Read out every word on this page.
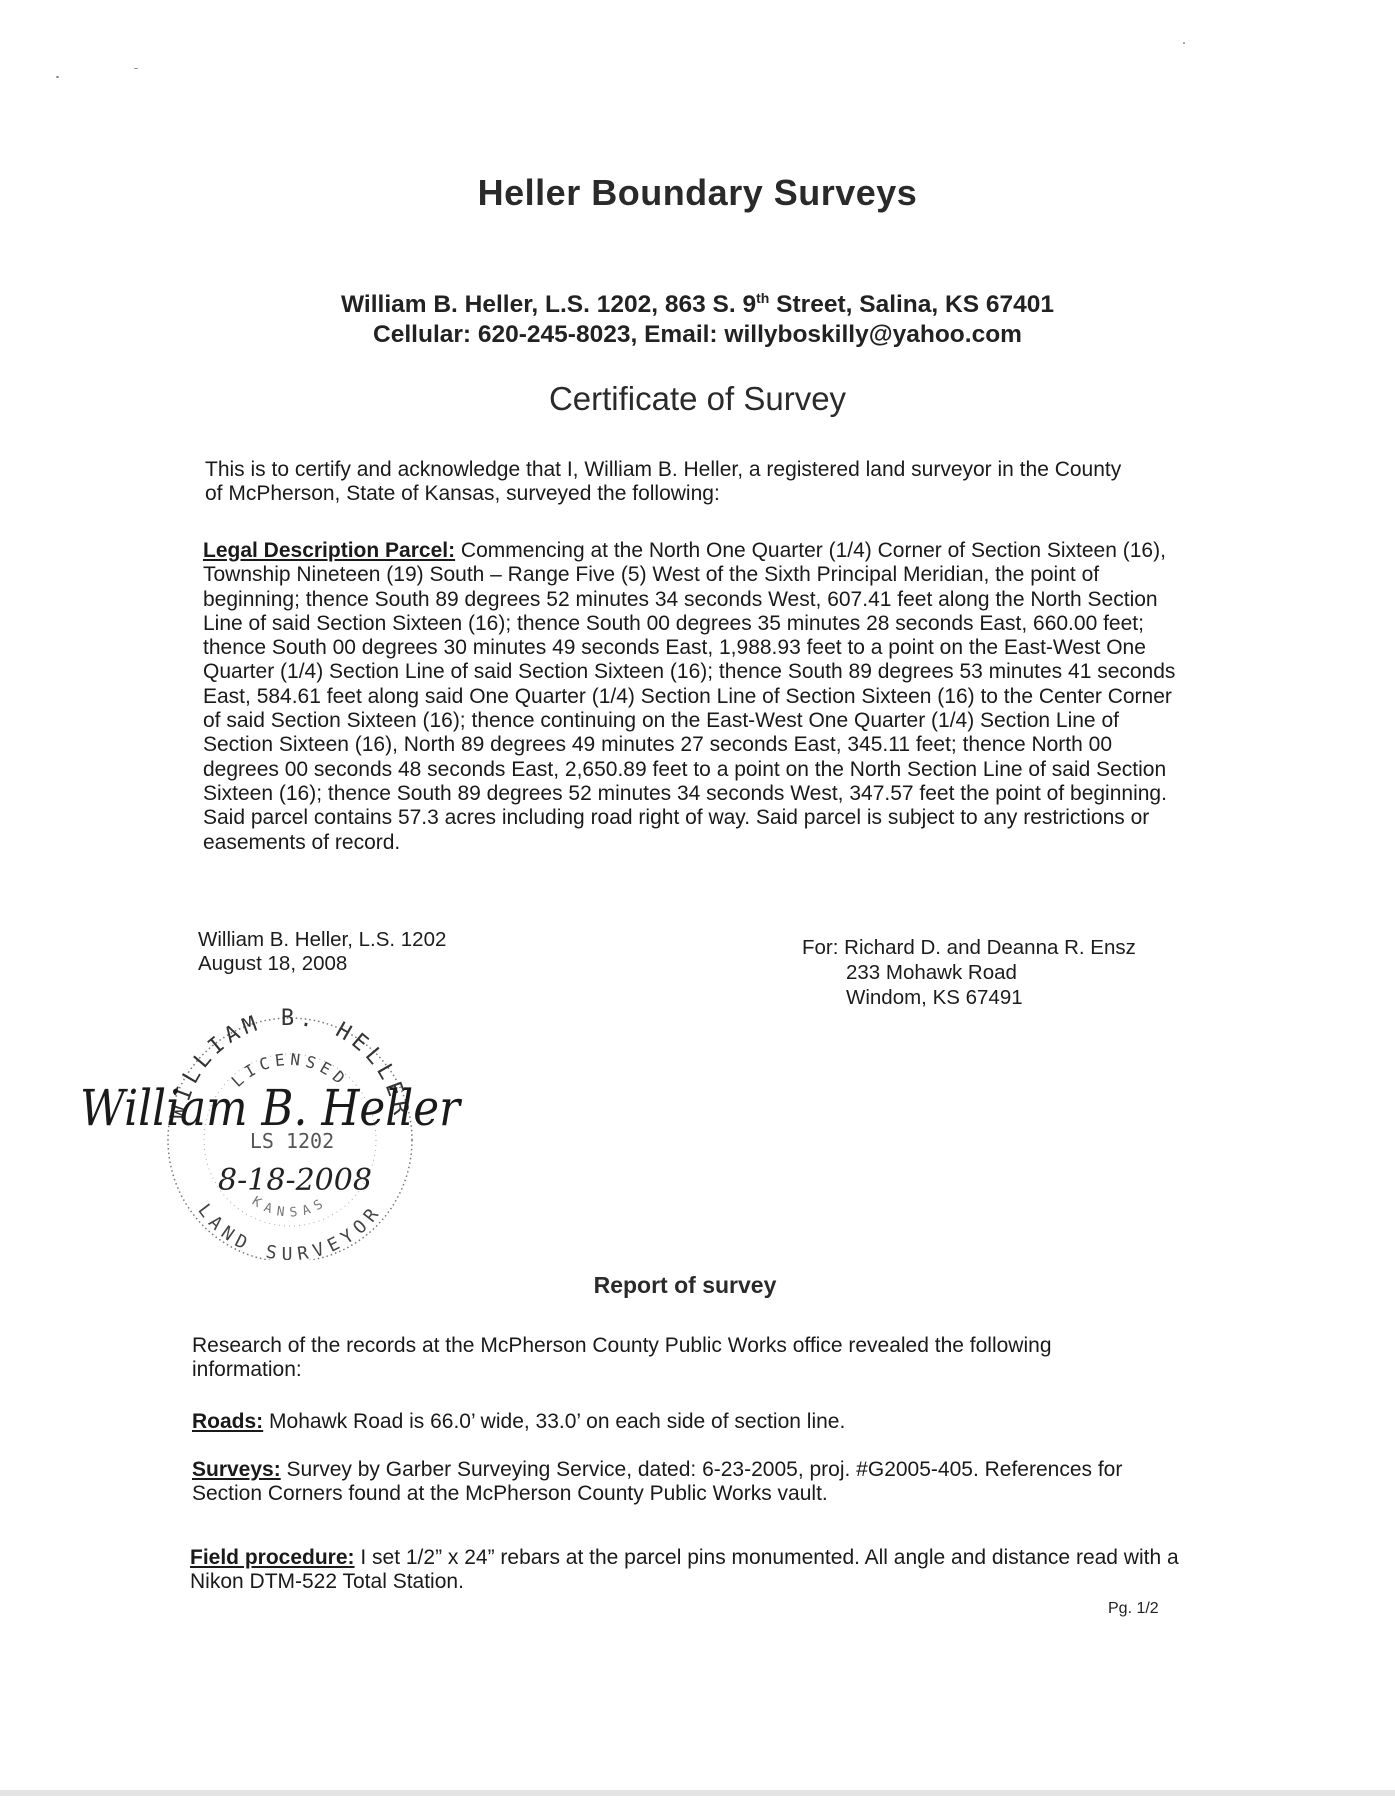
Heller Boundary Surveys
William B. Heller, L.S. 1202, 863 S. 9th Street, Salina, KS 67401
Cellular: 620-245-8023, Email: willyboskilly@yahoo.com
Certificate of Survey
This is to certify and acknowledge that I, William B. Heller, a registered land surveyor in the County of McPherson, State of Kansas, surveyed the following:
Legal Description Parcel: Commencing at the North One Quarter (1/4) Corner of Section Sixteen (16), Township Nineteen (19) South – Range Five (5) West of the Sixth Principal Meridian, the point of beginning; thence South 89 degrees 52 minutes 34 seconds West, 607.41 feet along the North Section Line of said Section Sixteen (16); thence South 00 degrees 35 minutes 28 seconds East, 660.00 feet; thence South 00 degrees 30 minutes 49 seconds East, 1,988.93 feet to a point on the East-West One Quarter (1/4) Section Line of said Section Sixteen (16); thence South 89 degrees 53 minutes 41 seconds East, 584.61 feet along said One Quarter (1/4) Section Line of Section Sixteen (16) to the Center Corner of said Section Sixteen (16); thence continuing on the East-West One Quarter (1/4) Section Line of Section Sixteen (16), North 89 degrees 49 minutes 27 seconds East, 345.11 feet; thence North 00 degrees 00 seconds 48 seconds East, 2,650.89 feet to a point on the North Section Line of said Section Sixteen (16); thence South 89 degrees 52 minutes 34 seconds West, 347.57 feet the point of beginning. Said parcel contains 57.3 acres including road right of way. Said parcel is subject to any restrictions or easements of record.
William B. Heller, L.S. 1202
August 18, 2008
For: Richard D. and Deanna R. Ensz
233 Mohawk Road
Windom, KS 67491
WILLIAM B. HELLER
LICENSED
LS 1202
KANSAS
LAND SURVEYOR
8-18-2008
William B. Heller
Report of survey
Research of the records at the McPherson County Public Works office revealed the following information:
Roads: Mohawk Road is 66.0’ wide, 33.0’ on each side of section line.
Surveys: Survey by Garber Surveying Service, dated: 6-23-2005, proj. #G2005-405. References for Section Corners found at the McPherson County Public Works vault.
Field procedure: I set 1/2” x 24” rebars at the parcel pins monumented. All angle and distance read with a Nikon DTM-522 Total Station.
Pg. 1/2
